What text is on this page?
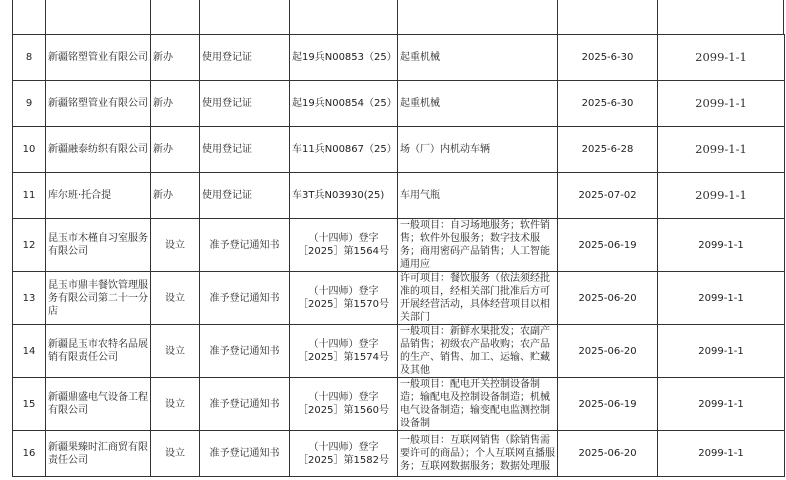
8	新疆铭塑管业有限公司	新办	使用登记证	起19兵N00853（25）	起重机械	2025-6-30	2099-1-1
9	新疆铭塑管业有限公司	新办	使用登记证	起19兵N00854（25）	起重机械	2025-6-30	2099-1-1
10	新疆融泰纺织有限公司	新办	使用登记证	车11兵N00867（25）	场（厂）内机动车辆	2025-6-28	2099-1-1
11	库尔班·托合提	新办	使用登记证	车3T兵N03930(25)	车用气瓶	2025-07-02	2099-1-1
12	昆玉市木槿自习室服务有限公司	设立	准予登记通知书	（十四师）登字［2025］第1564号	一般项目：自习场地服务；软件销售；软件外包服务；数字技术服务；商用密码产品销售；人工智能通用应	2025-06-19	2099-1-1
13	昆玉市鼎丰餐饮管理服务有限公司第二十一分店	设立	准予登记通知书	（十四师）登字［2025］第1570号	许可项目：餐饮服务（依法须经批准的项目，经相关部门批准后方可开展经营活动，具体经营项目以相关部门	2025-06-20	2099-1-1
14	新疆昆玉市农特名品展销有限责任公司	设立	准予登记通知书	（十四师）登字［2025］第1574号	一般项目：新鲜水果批发；农副产品销售；初级农产品收购；农产品的生产、销售、加工、运输、贮藏及其他	2025-06-20	2099-1-1
15	新疆鼎盛电气设备工程有限公司	设立	准予登记通知书	（十四师）登字［2025］第1560号	一般项目：配电开关控制设备制造；输配电及控制设备制造；机械电气设备制造；输变配电监测控制设备制	2025-06-19	2099-1-1
16	新疆果臻时汇商贸有限责任公司	设立	准予登记通知书	（十四师）登字［2025］第1582号	一般项目：互联网销售（除销售需要许可的商品）；个人互联网直播服务；互联网数据服务；数据处理服	2025-06-20	2099-1-1
